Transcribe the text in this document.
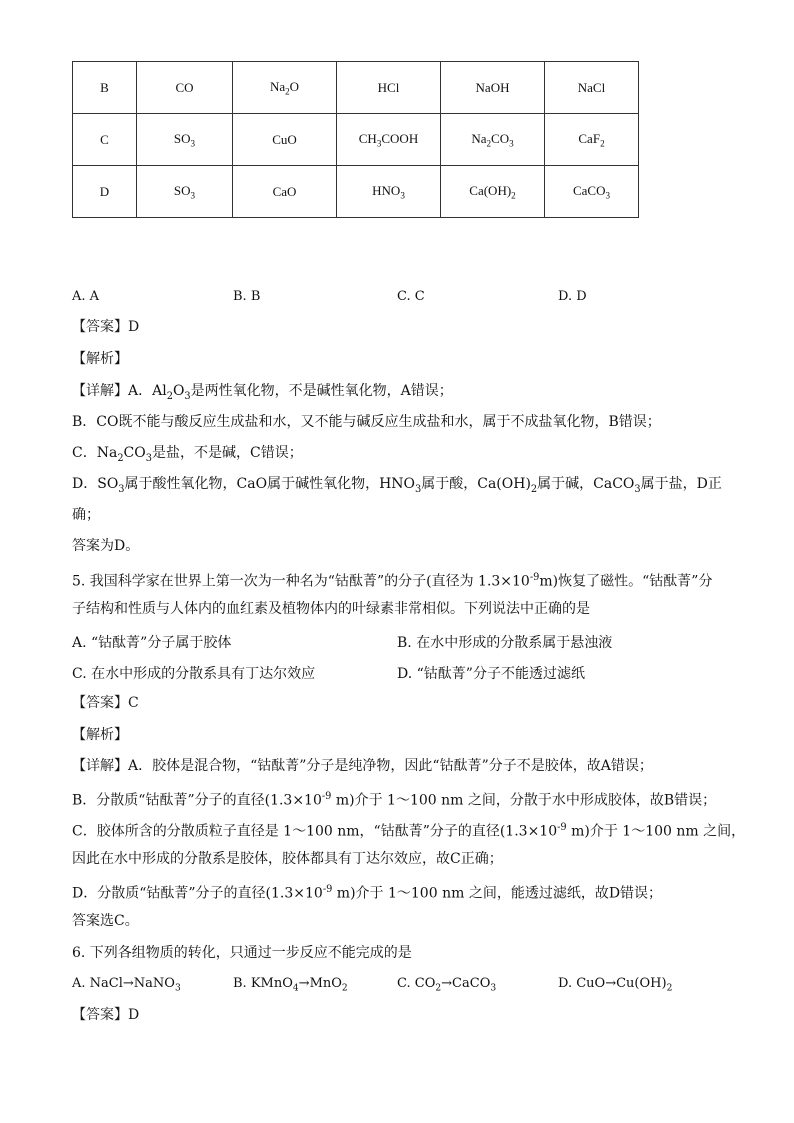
B	CO	$Na_2O$	HCl	NaOH	NaCl
C	$SO_3$	CuO	$CH_3COOH$	$Na_2CO_3$	CaF$_2$
D	$SO_3$	CaO	$HNO_3$	$Ca(OH)_2$	CaCO$_3$
A. A	B. B	C. C	D. D
【答案】D
【解析】
【详解】A．$Al_2O_3$是两性氧化物，不是碱性氧化物，A错误；
B．CO既不能与酸反应生成盐和水，又不能与碱反应生成盐和水，属于不成盐氧化物，B错误；
C．$Na_2CO_3$是盐，不是碱，C错误；
D．$SO_3$属于酸性氧化物，CaO属于碱性氧化物，$HNO_3$属于酸，$Ca(OH)_2$属于碱，CaCO$_3$属于盐，D正
确；
答案为D。
5. 我国科学家在世界上第一次为一种名为“钴酞菁”的分子(直径为 $1.3\times 10^{-9}m$)恢复了磁性。“钴酞菁”分
子结构和性质与人体内的血红素及植物体内的叶绿素非常相似。下列说法中正确的是
A. “钴酞菁”分子属于胶体	B. 在水中形成的分散系属于悬浊液
C. 在水中形成的分散系具有丁达尔效应	D. “钴酞菁”分子不能透过滤纸
【答案】C
【解析】
【详解】A．胶体是混合物，“钴酞菁”分子是纯净物，因此“钴酞菁”分子不是胶体，故A错误；
B．分散质“钴酞菁”分子的直径($1.3\times 10^{-9}$ m)介于 1～100 nm 之间，分散于水中形成胶体，故B错误；
C．胶体所含的分散质粒子直径是 1～100 nm，“钴酞菁”分子的直径($1.3\times 10^{-9}$ m)介于 1～100 nm 之间，
因此在水中形成的分散系是胶体，胶体都具有丁达尔效应，故C正确；
D．分散质“钴酞菁”分子的直径($1.3\times 10^{-9}$ m)介于 1～100 nm 之间，能透过滤纸，故D错误；
答案选C。
6. 下列各组物质的转化，只通过一步反应不能完成的是
A. NaCl→NaNO$_3$	B. KMnO$_4$→MnO$_2$	C. $CO_2\to CaCO_3$	D. $CuO\to Cu(OH)_2$
【答案】D
